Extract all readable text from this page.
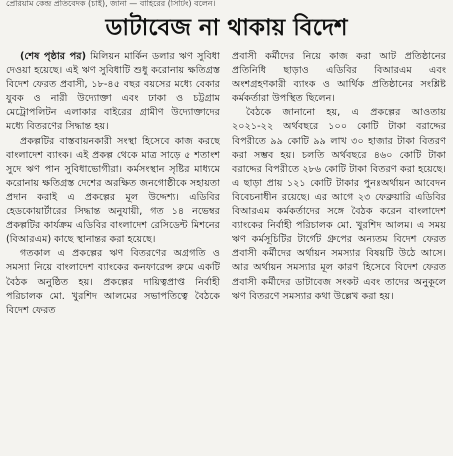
প্রেরিয়াম কেন্দ্র প্রতিবেদক (চাই), জানা — বাহিরের (সিটিং) বলেন।
ডাটাবেজ না থাকায় বিদেশ

(শেষ পৃষ্ঠার পর) মিলিয়ন মার্কিন ডলার ঋণ সুবিধা দেওয়া হয়েছে। এই ঋণ সুবিধাটি শুধু করোনায় ক্ষতিগ্রস্ত বিদেশ ফেরত প্রবাসী, ১৮-৪৫ বছর বয়সের মধ্যে বেকার যুবক ও নারী উদ্যোক্তা এবং ঢাকা ও চট্টগ্রাম মেট্রোপলিটন এলাকার বাইরের গ্রামীণ উদ্যোক্তাদের মধ্যে বিতরণের সিদ্ধান্ত হয়।

প্রকল্পটির বাস্তবায়নকারী সংস্থা হিসেবে কাজ করছে বাংলাদেশ ব্যাংক। এই প্রকল্প থেকে মাত্র সাড়ে ৫ শতাংশ সুদে ঋণ পান সুবিধাভোগীরা। কর্মসংস্থান সৃষ্টির মাধ্যমে করোনায় ক্ষতিগ্রস্ত দেশের অরক্ষিত জনগোষ্ঠীকে সহায়তা প্রদান করাই এ প্রকল্পের মূল উদ্দেশ্য। এডিবির হেডকোয়ার্টারের সিদ্ধান্ত অনুযায়ী, গত ১৪ নভেম্বর প্রকল্পটির কার্যক্রম এডিবির বাংলাদেশ রেসিডেন্ট মিশনের (বিআরএম) কাছে স্থানান্তর করা হয়েছে।

গতকাল এ প্রকল্পের ঋণ বিতরণের অগ্রগতি ও সমস্যা নিয়ে বাংলাদেশ ব্যাংকের কনফারেন্স রুমে একটি বৈঠক অনুষ্ঠিত হয়। প্রকল্পের দায়িত্বপ্রাপ্ত নির্বাহী পরিচালক মো. খুরশিদ আলমের সভাপতিত্বে বৈঠকে বিদেশ ফেরত

প্রবাসী কর্মীদের নিয়ে কাজ করা আট প্রতিষ্ঠানের প্রতিনিধি ছাড়াও এডিবির বিআরএম এবং অংশগ্রহণকারী ব্যাংক ও আর্থিক প্রতিষ্ঠানের সংশ্লিষ্ট কর্মকর্তারা উপস্থিত ছিলেন।

বৈঠকে জানানো হয়, এ প্রকল্পের আওতায় ২০২১-২২ অর্থবছরে ১০০ কোটি টাকা বরাদ্দের বিপরীতে ৯৯ কোটি ৯৯ লাখ ৩০ হাজার টাকা বিতরণ করা সম্ভব হয়। চলতি অর্থবছরে ৪৬০ কোটি টাকা বরাদ্দের বিপরীতে ২৮৬ কোটি টাকা বিতরণ করা হয়েছে। এ ছাড়া প্রায় ১২১ কোটি টাকার পুনঃঅর্থায়ন আবেদন বিবেচনাধীন রয়েছে। এর আগে ২৩ ফেব্রুয়ারি এডিবির বিআরএম কর্মকর্তাদের সঙ্গে বৈঠক করেন বাংলাদেশ ব্যাংকের নির্বাহী পরিচালক মো. খুরশিদ আলম। এ সময় ঋণ কর্মসূচিটির টার্গেট গ্রুপের অন্যতম বিদেশ ফেরত প্রবাসী কর্মীদের অর্থায়ন সমস্যার বিষয়টি উঠে আসে। আর অর্থায়ন সমস্যার মূল কারণ হিসেবে বিদেশ ফেরত প্রবাসী কর্মীদের ডাটাবেজ সংকট এবং তাদের অনুকূলে ঋণ বিতরণে সমস্যার কথা উল্লেখ করা হয়।
